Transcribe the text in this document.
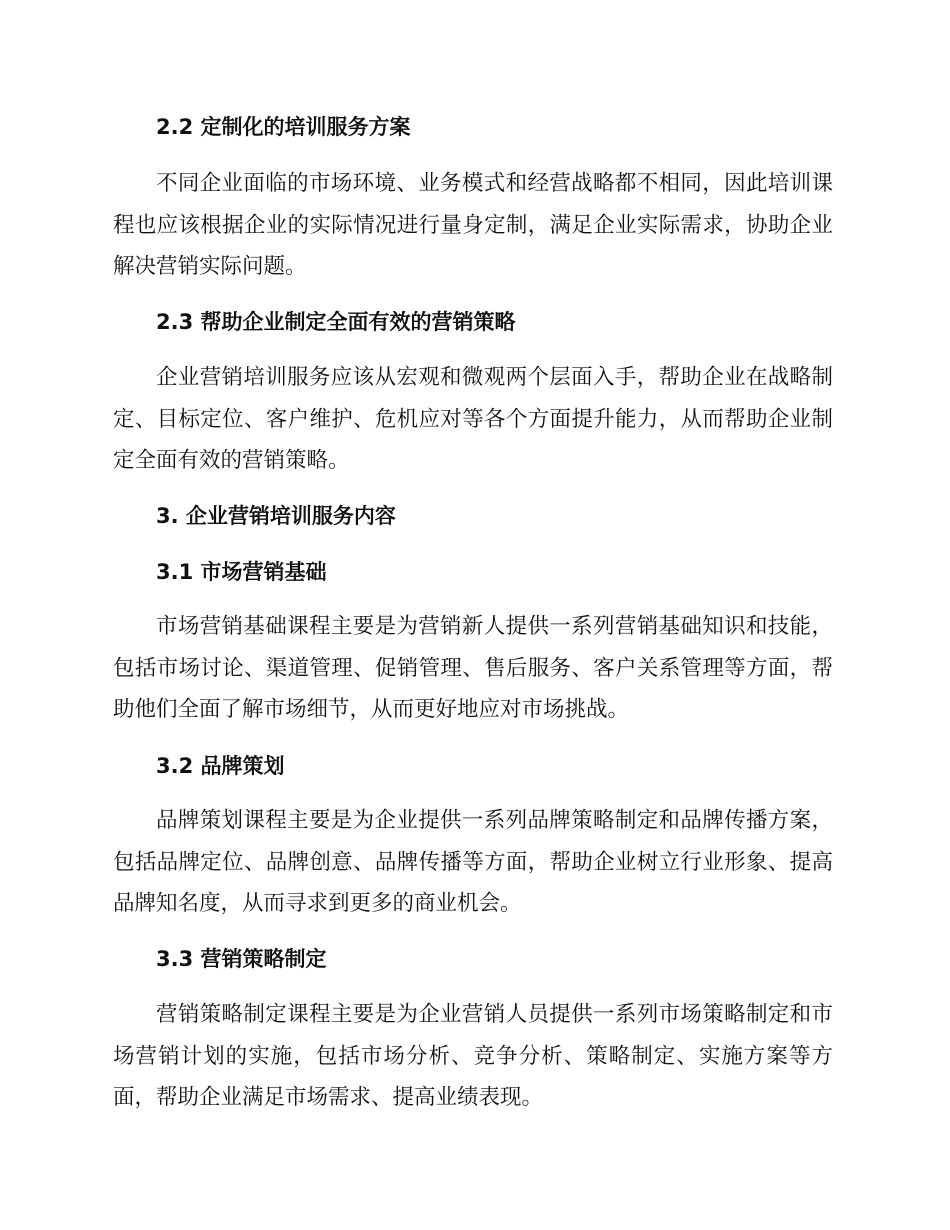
2.2 定制化的培训服务方案
不同企业面临的市场环境、业务模式和经营战略都不相同，因此培训课程也应该根据企业的实际情况进行量身定制，满足企业实际需求，协助企业解决营销实际问题。
2.3 帮助企业制定全面有效的营销策略
企业营销培训服务应该从宏观和微观两个层面入手，帮助企业在战略制定、目标定位、客户维护、危机应对等各个方面提升能力，从而帮助企业制定全面有效的营销策略。
3. 企业营销培训服务内容
3.1 市场营销基础
市场营销基础课程主要是为营销新人提供一系列营销基础知识和技能，包括市场讨论、渠道管理、促销管理、售后服务、客户关系管理等方面，帮助他们全面了解市场细节，从而更好地应对市场挑战。
3.2 品牌策划
品牌策划课程主要是为企业提供一系列品牌策略制定和品牌传播方案，包括品牌定位、品牌创意、品牌传播等方面，帮助企业树立行业形象、提高品牌知名度，从而寻求到更多的商业机会。
3.3 营销策略制定
营销策略制定课程主要是为企业营销人员提供一系列市场策略制定和市场营销计划的实施，包括市场分析、竞争分析、策略制定、实施方案等方面，帮助企业满足市场需求、提高业绩表现。
